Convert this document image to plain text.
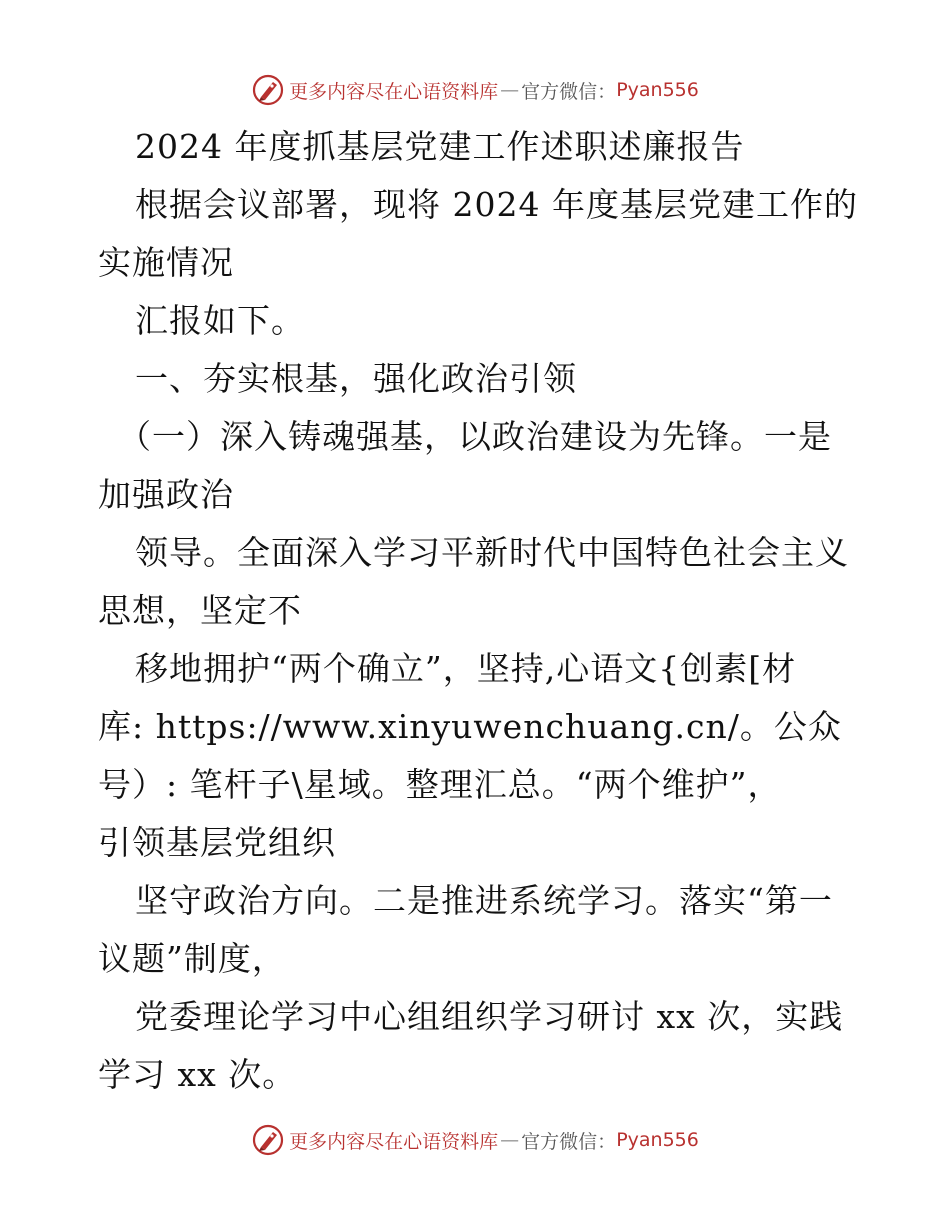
更多内容尽在心语资料库 — 官方微信： Pyan556
2024 年度抓基层党建工作述职述廉报告
根据会议部署，现将 2024 年度基层党建工作的
实施情况
汇报如下。
一、夯实根基，强化政治引领
（一）深入铸魂强基，以政治建设为先锋。一是
加强政治
领导。全面深入学习平新时代中国特色社会主义
思想，坚定不
移地拥护“两个确立”，坚持,心语文{创素[材
库: https://www.xinyuwenchuang.cn/。公众
号）: 笔杆子\星域。整理汇总。“两个维护”，
引领基层党组织
坚守政治方向。二是推进系统学习。落实“第一
议题”制度，
党委理论学习中心组组织学习研讨 xx 次，实践
学习 xx 次。
更多内容尽在心语资料库 — 官方微信： Pyan556
